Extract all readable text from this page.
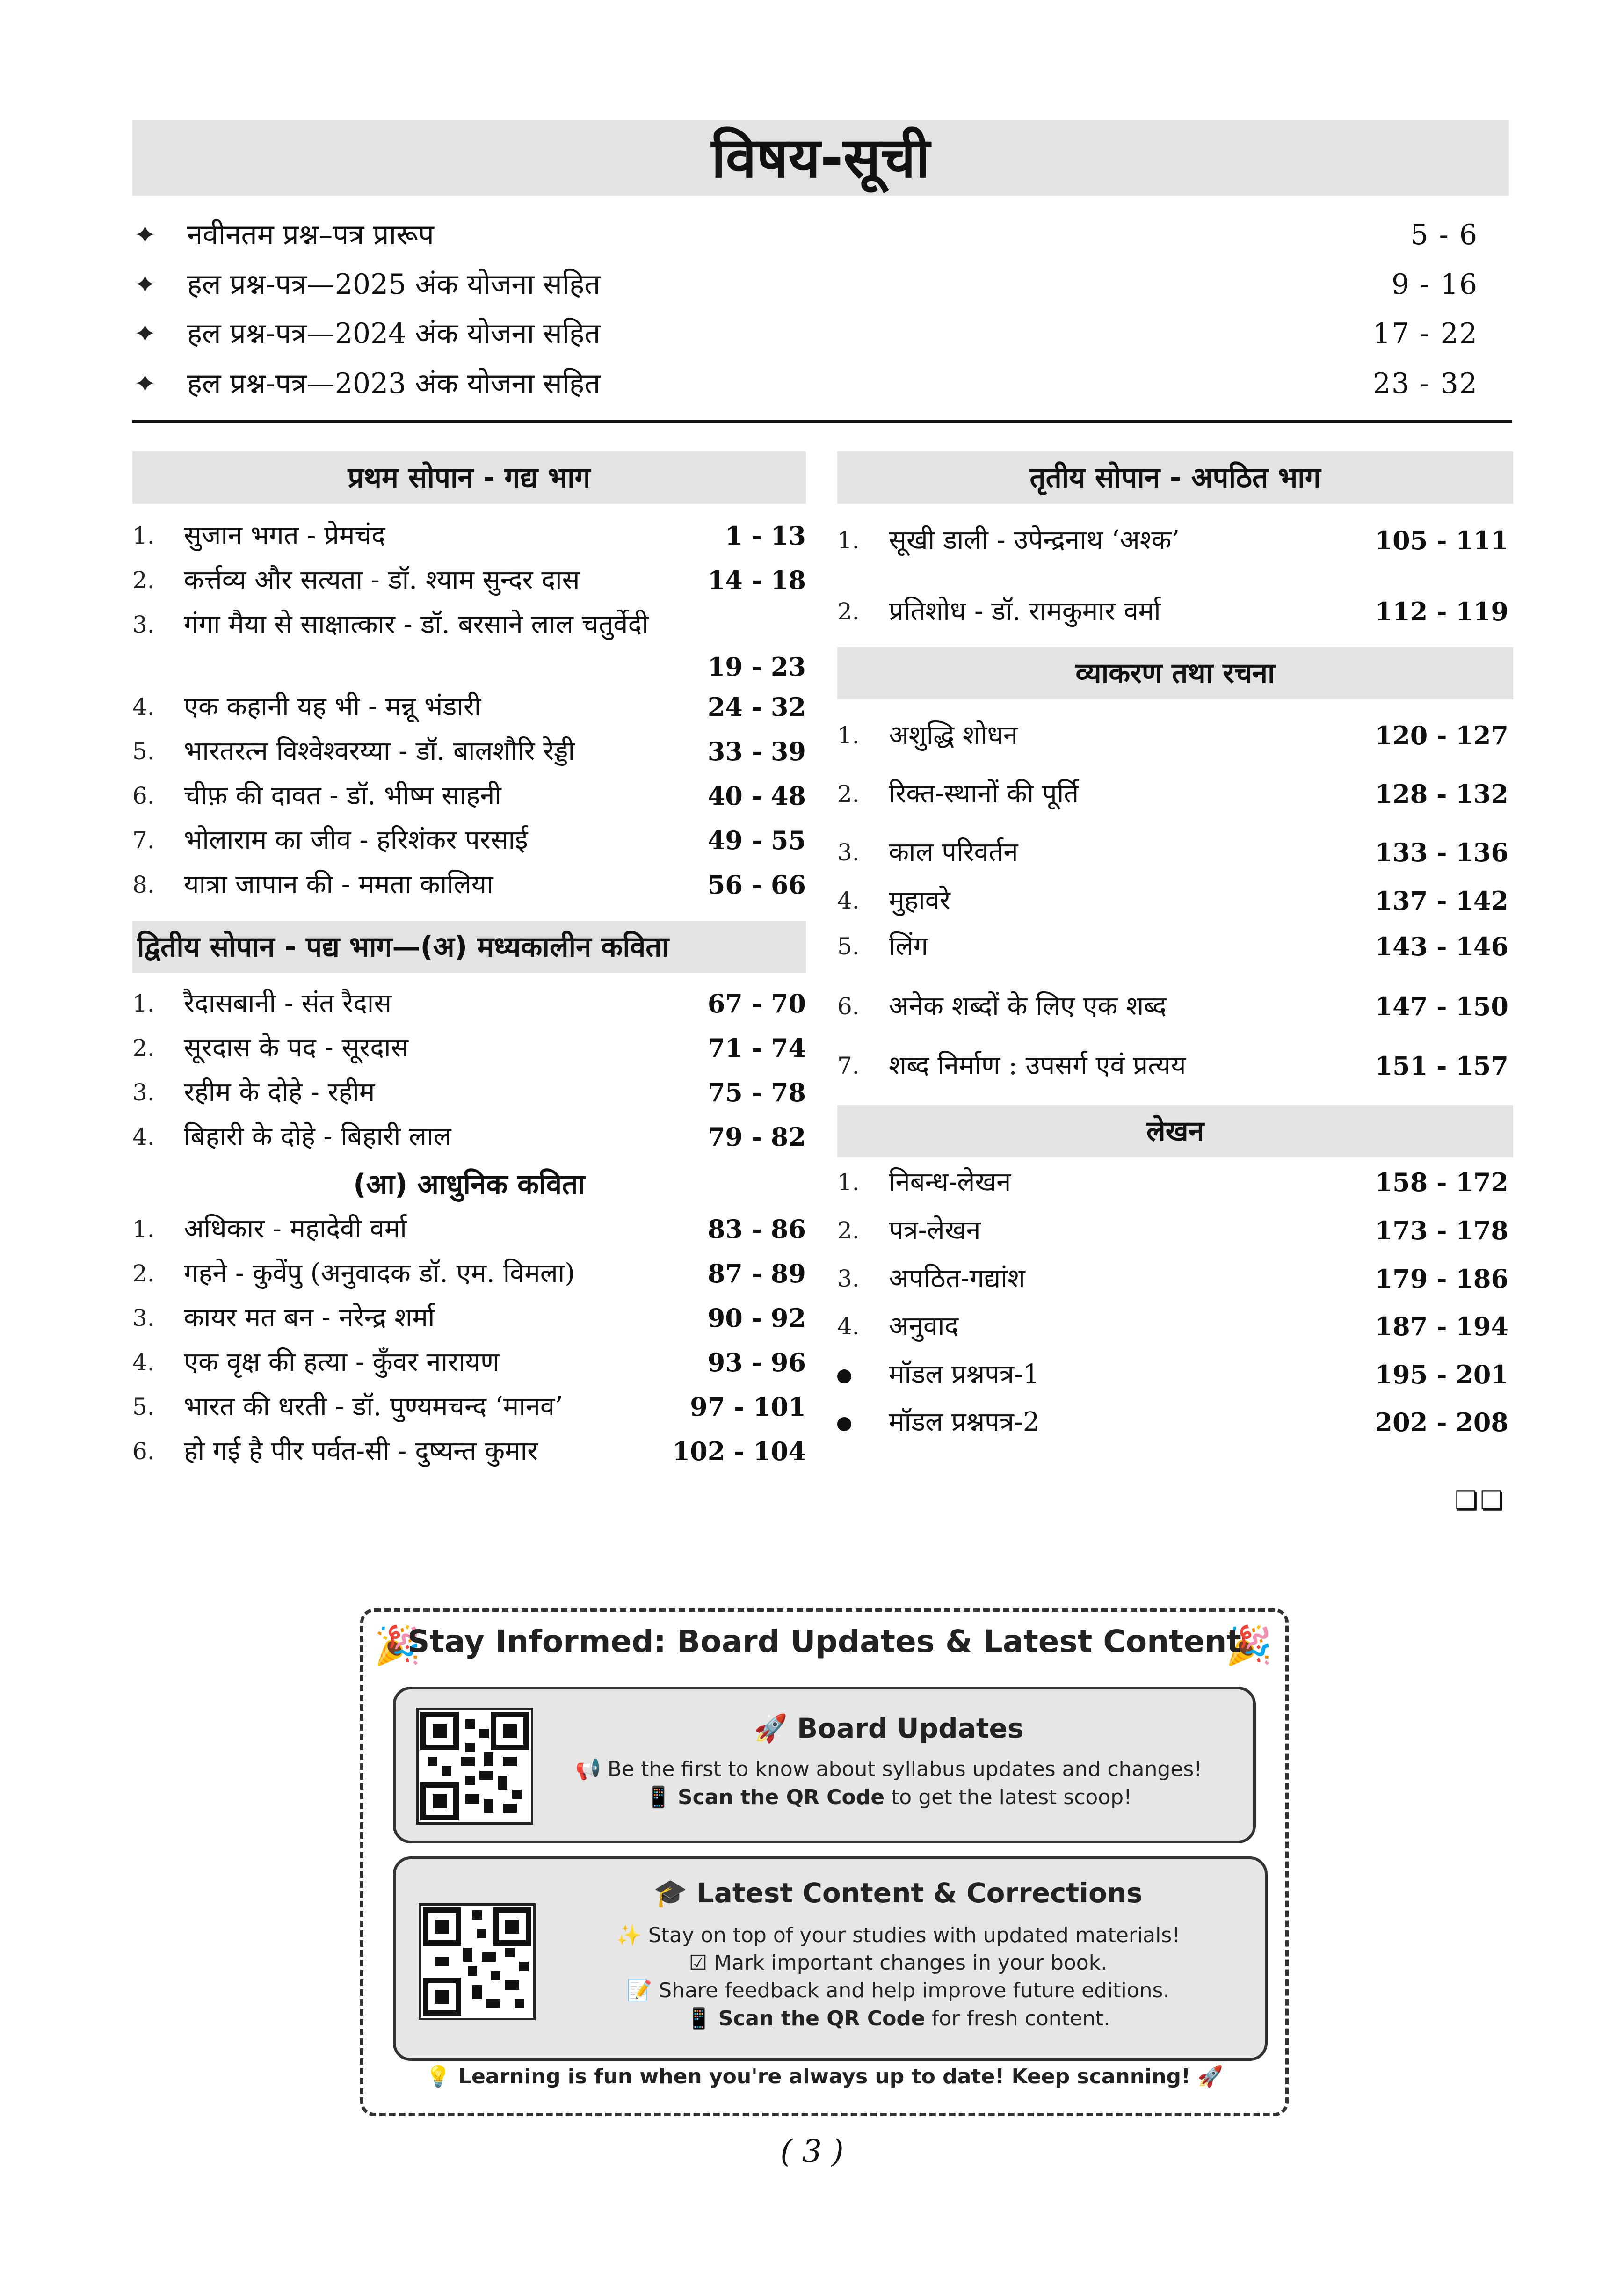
विषय-सूची
✦ नवीनतम प्रश्न–पत्र प्रारूप	5 - 6
✦ हल प्रश्न-पत्र—2025 अंक योजना सहित	9 - 16
✦ हल प्रश्न-पत्र—2024 अंक योजना सहित	17 - 22
✦ हल प्रश्न-पत्र—2023 अंक योजना सहित	23 - 32
प्रथम सोपान - गद्य भाग
1. सुजान भगत - प्रेमचंद	1 - 13
2. कर्त्तव्य और सत्यता - डॉ. श्याम सुन्दर दास	14 - 18
3. गंगा मैया से साक्षात्कार - डॉ. बरसाने लाल चतुर्वेदी
19 - 23
4. एक कहानी यह भी - मन्नू भंडारी	24 - 32
5. भारतरत्न विश्वेश्वरय्या - डॉ. बालशौरि रेड्डी	33 - 39
6. चीफ़ की दावत - डॉ. भीष्म साहनी	40 - 48
7. भोलाराम का जीव - हरिशंकर परसाई	49 - 55
8. यात्रा जापान की - ममता कालिया	56 - 66
द्वितीय सोपान - पद्य भाग—(अ) मध्यकालीन कविता
1. रैदासबानी - संत रैदास	67 - 70
2. सूरदास के पद - सूरदास	71 - 74
3. रहीम के दोहे - रहीम	75 - 78
4. बिहारी के दोहे - बिहारी लाल	79 - 82
(आ) आधुनिक कविता
1. अधिकार - महादेवी वर्मा	83 - 86
2. गहने - कुवेंपु (अनुवादक डॉ. एम. विमला)	87 - 89
3. कायर मत बन - नरेन्द्र शर्मा	90 - 92
4. एक वृक्ष की हत्या - कुँवर नारायण	93 - 96
5. भारत की धरती - डॉ. पुण्यमचन्द ‘मानव’	97 - 101
6. हो गई है पीर पर्वत-सी - दुष्यन्त कुमार	102 - 104
तृतीय सोपान - अपठित भाग
1. सूखी डाली - उपेन्द्रनाथ ‘अश्क’	105 - 111
2. प्रतिशोध - डॉ. रामकुमार वर्मा	112 - 119
व्याकरण तथा रचना
1. अशुद्धि शोधन	120 - 127
2. रिक्त-स्थानों की पूर्ति	128 - 132
3. काल परिवर्तन	133 - 136
4. मुहावरे	137 - 142
5. लिंग	143 - 146
6. अनेक शब्दों के लिए एक शब्द	147 - 150
7. शब्द निर्माण : उपसर्ग एवं प्रत्यय	151 - 157
लेखन
1. निबन्ध-लेखन	158 - 172
2. पत्र-लेखन	173 - 178
3. अपठित-गद्यांश	179 - 186
4. अनुवाद	187 - 194
मॉडल प्रश्नपत्र-1	195 - 201
मॉडल प्रश्नपत्र-2	202 - 208
❏❏
🎉	🎉
Stay Informed: Board Updates & Latest Content
🚀 Board Updates
📢 Be the first to know about syllabus updates and changes!
📱 Scan the QR Code to get the latest scoop!
🎓 Latest Content & Corrections
✨ Stay on top of your studies with updated materials!
☑ Mark important changes in your book.
📝 Share feedback and help improve future editions.
📱 Scan the QR Code for fresh content.
💡 Learning is fun when you're always up to date! Keep scanning! 🚀
( 3 )
